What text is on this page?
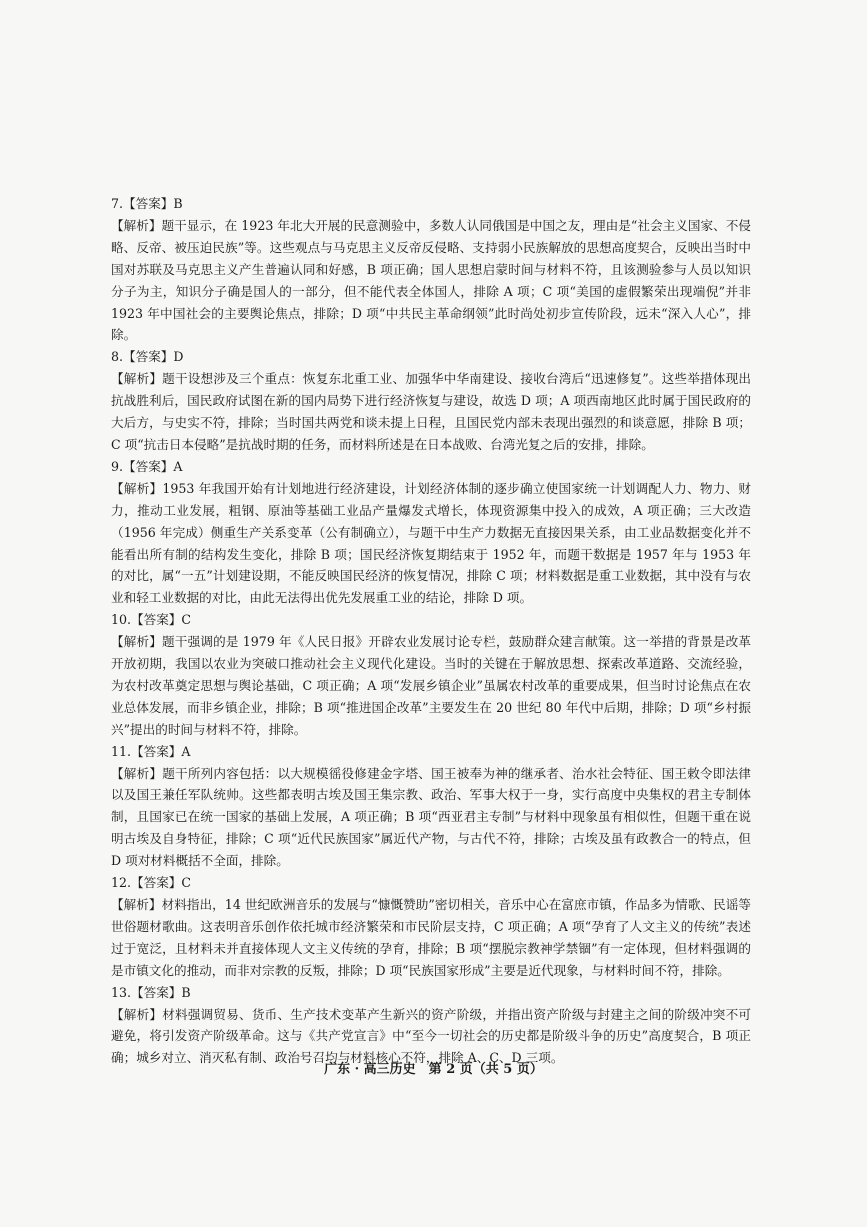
7.【答案】B

【解析】题干显示，在 1923 年北大开展的民意测验中，多数人认同俄国是中国之友，理由是“社会主义国家、不侵略、反帝、被压迫民族”等。这些观点与马克思主义反帝反侵略、支持弱小民族解放的思想高度契合，反映出当时中国对苏联及马克思主义产生普遍认同和好感，B 项正确；国人思想启蒙时间与材料不符，且该测验参与人员以知识分子为主，知识分子确是国人的一部分，但不能代表全体国人，排除 A 项；C 项“美国的虚假繁荣出现端倪”并非 1923 年中国社会的主要舆论焦点，排除；D 项“中共民主革命纲领”此时尚处初步宣传阶段，远未“深入人心”，排除。

8.【答案】D

【解析】题干设想涉及三个重点：恢复东北重工业、加强华中华南建设、接收台湾后“迅速修复”。这些举措体现出抗战胜利后，国民政府试图在新的国内局势下进行经济恢复与建设，故选 D 项；A 项西南地区此时属于国民政府的大后方，与史实不符，排除；当时国共两党和谈未提上日程，且国民党内部未表现出强烈的和谈意愿，排除 B 项；C 项“抗击日本侵略”是抗战时期的任务，而材料所述是在日本战败、台湾光复之后的安排，排除。

9.【答案】A

【解析】1953 年我国开始有计划地进行经济建设，计划经济体制的逐步确立使国家统一计划调配人力、物力、财力，推动工业发展，粗钢、原油等基础工业品产量爆发式增长，体现资源集中投入的成效，A 项正确；三大改造（1956 年完成）侧重生产关系变革（公有制确立），与题干中生产力数据无直接因果关系，由工业品数据变化并不能看出所有制的结构发生变化，排除 B 项；国民经济恢复期结束于 1952 年，而题干数据是 1957 年与 1953 年的对比，属“一五”计划建设期，不能反映国民经济的恢复情况，排除 C 项；材料数据是重工业数据，其中没有与农业和轻工业数据的对比，由此无法得出优先发展重工业的结论，排除 D 项。

10.【答案】C

【解析】题干强调的是 1979 年《人民日报》开辟农业发展讨论专栏，鼓励群众建言献策。这一举措的背景是改革开放初期，我国以农业为突破口推动社会主义现代化建设。当时的关键在于解放思想、探索改革道路、交流经验，为农村改革奠定思想与舆论基础，C 项正确；A 项“发展乡镇企业”虽属农村改革的重要成果，但当时讨论焦点在农业总体发展，而非乡镇企业，排除；B 项“推进国企改革”主要发生在 20 世纪 80 年代中后期，排除；D 项“乡村振兴”提出的时间与材料不符，排除。

11.【答案】A

【解析】题干所列内容包括：以大规模徭役修建金字塔、国王被奉为神的继承者、治水社会特征、国王敕令即法律以及国王兼任军队统帅。这些都表明古埃及国王集宗教、政治、军事大权于一身，实行高度中央集权的君主专制体制，且国家已在统一国家的基础上发展，A 项正确；B 项“西亚君主专制”与材料中现象虽有相似性，但题干重在说明古埃及自身特征，排除；C 项“近代民族国家”属近代产物，与古代不符，排除；古埃及虽有政教合一的特点，但 D 项对材料概括不全面，排除。

12.【答案】C

【解析】材料指出，14 世纪欧洲音乐的发展与“慷慨赞助”密切相关，音乐中心在富庶市镇，作品多为情歌、民谣等世俗题材歌曲。这表明音乐创作依托城市经济繁荣和市民阶层支持，C 项正确；A 项“孕育了人文主义的传统”表述过于宽泛，且材料未并直接体现人文主义传统的孕育，排除；B 项“摆脱宗教神学禁锢”有一定体现，但材料强调的是市镇文化的推动，而非对宗教的反叛，排除；D 项“民族国家形成”主要是近代现象，与材料时间不符，排除。

13.【答案】B

【解析】材料强调贸易、货币、生产技术变革产生新兴的资产阶级，并指出资产阶级与封建主之间的阶级冲突不可避免，将引发资产阶级革命。这与《共产党宣言》中“至今一切社会的历史都是阶级斗争的历史”高度契合，B 项正确；城乡对立、消灭私有制、政治号召均与材料核心不符，排除 A、C、D 三项。

广东 · 高三历史　第 2 页（共 5 页）
